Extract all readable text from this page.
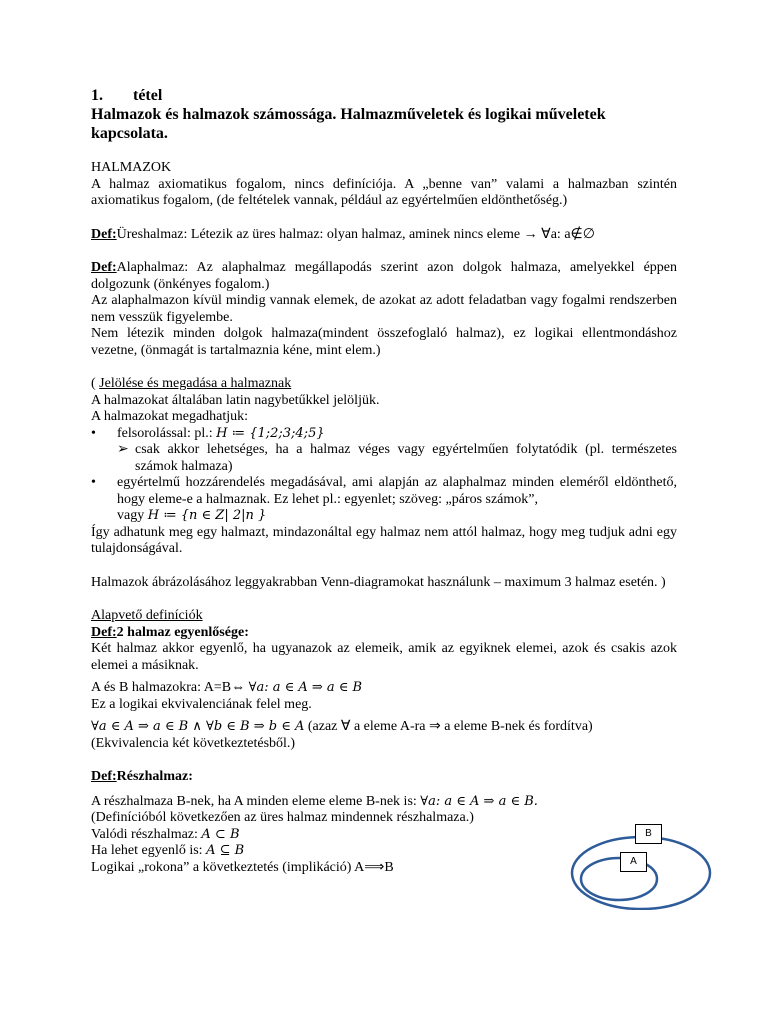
1.	tétel
Halmazok és halmazok számossága. Halmazműveletek és logikai műveletek kapcsolata.
HALMAZOK
A halmaz axiomatikus fogalom, nincs definíciója. A „benne van” valami a halmazban szintén axiomatikus fogalom, (de feltételek vannak, például az egyértelműen eldönthetőség.)
Def:Üreshalmaz: Létezik az üres halmaz: olyan halmaz, aminek nincs eleme → ∀a: a∉∅
Def:Alaphalmaz: Az alaphalmaz megállapodás szerint azon dolgok halmaza, amelyekkel éppen dolgozunk (önkényes fogalom.)
Az alaphalmazon kívül mindig vannak elemek, de azokat az adott feladatban vagy fogalmi rendszerben nem vesszük figyelembe.
Nem létezik minden dolgok halmaza(mindent összefoglaló halmaz), ez logikai ellentmondáshoz vezetne, (önmagát is tartalmaznia kéne, mint elem.)
( Jelölése és megadása a halmaznak
A halmazokat általában latin nagybetűkkel jelöljük.
A halmazokat megadhatjuk:
• felsorolással: pl.: H ≔ {1;2;3;4;5}
➢ csak akkor lehetséges, ha a halmaz véges vagy egyértelműen folytatódik (pl. természetes számok halmaza)
• egyértelmű hozzárendelés megadásával, ami alapján az alaphalmaz minden eleméről eldönthető, hogy eleme-e a halmaznak. Ez lehet pl.: egyenlet; szöveg: „páros számok”,
vagy H ≔ {n ∈ Z| 2|n }
Így adhatunk meg egy halmazt, mindazonáltal egy halmaz nem attól halmaz, hogy meg tudjuk adni egy tulajdonságával.
Halmazok ábrázolásához leggyakrabban Venn-diagramokat használunk – maximum 3 halmaz esetén. )
Alapvető definíciók
Def:2 halmaz egyenlősége:
Két halmaz akkor egyenlő, ha ugyanazok az elemeik, amik az egyiknek elemei, azok és csakis azok elemei a másiknak.
A és B halmazokra: A=B⇔ ∀a: a ∈ A ⇒ a ∈ B
Ez a logikai ekvivalenciának felel meg.
∀a ∈ A ⇒ a ∈ B ∧ ∀b ∈ B ⇒ b ∈ A (azaz ∀ a eleme A-ra ⇒ a eleme B-nek és fordítva)
(Ekvivalencia két következtetésből.)
Def:Részhalmaz:
A részhalmaza B-nek, ha A minden eleme eleme B-nek is: ∀a: a ∈ A ⇒ a ∈ B.
(Definícióból következően az üres halmaz mindennek részhalmaza.)
Valódi részhalmaz: A ⊂ B
Ha lehet egyenlő is: A ⊆ B
Logikai „rokona” a következtetés (implikáció) A⟹B
B
A
